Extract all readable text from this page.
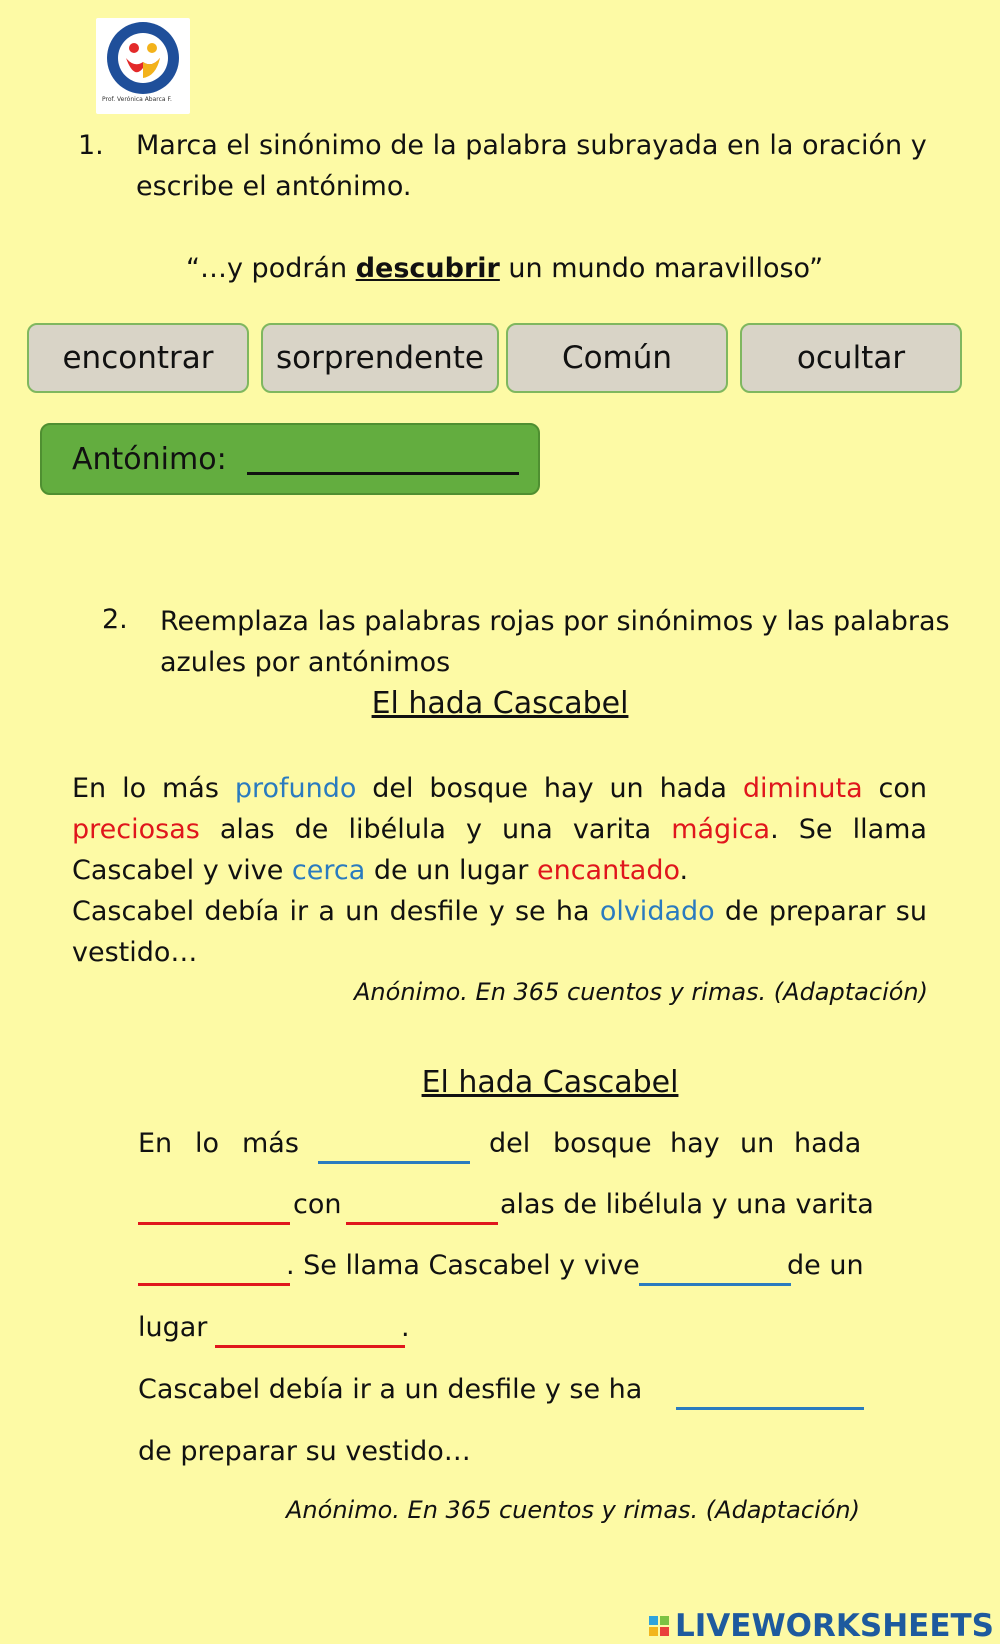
Prof. Verónica Abarca F.
1. Marca el sinónimo de la palabra subrayada en la oración y
escribe el antónimo.
“…y podrán descubrir un mundo maravilloso”
encontrar	sorprendente	Común	ocultar
Antónimo:
2. Reemplaza las palabras rojas por sinónimos y las palabras
azules por antónimos
El hada Cascabel
En lo más profundo del bosque hay un hada diminuta con preciosas alas de libélula y una varita mágica. Se llama Cascabel y vive cerca de un lugar encantado.
Cascabel debía ir a un desfile y se ha olvidado de preparar su vestido…
Anónimo. En 365 cuentos y rimas. (Adaptación)
El hada Cascabel
En lo más	del bosque hay un hada
con	alas de libélula y una varita
. Se llama Cascabel y vive	de un
lugar	.
Cascabel debía ir a un desfile y se ha
de preparar su vestido…
Anónimo. En 365 cuentos y rimas. (Adaptación)
LIVEWORKSHEETS
